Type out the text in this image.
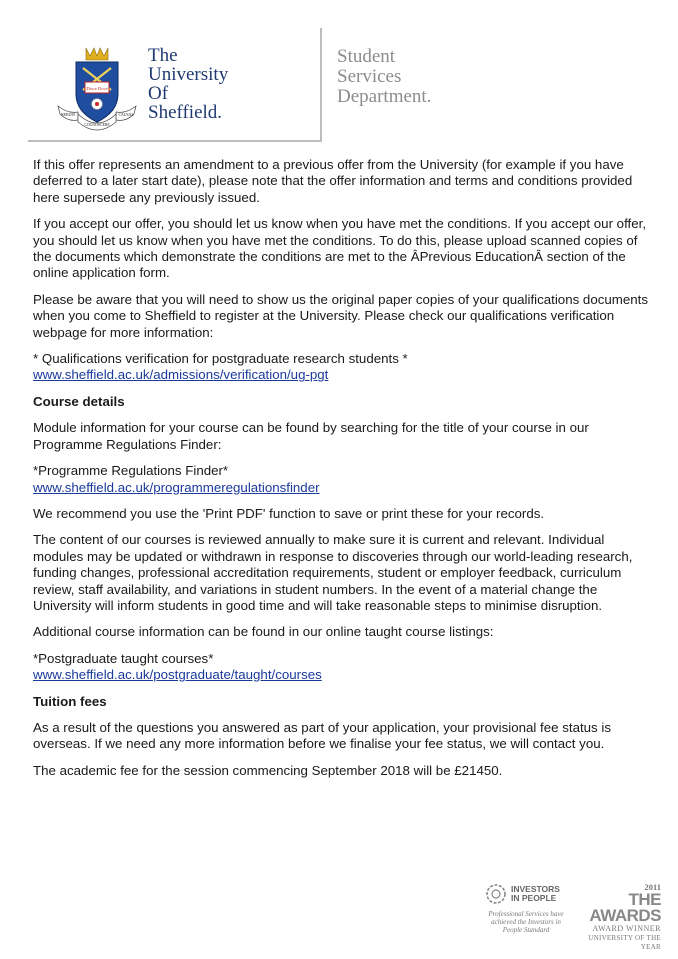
Disce Doce
RERUM
COGNOSCERE
CAUSAS
The
University
Of
Sheffield.
Student
Services
Department.

If this offer represents an amendment to a previous offer from the University (for example if you have deferred to a later start date), please note that the offer information and terms and conditions provided here supersede any previously issued.

If you accept our offer, you should let us know when you have met the conditions. If you accept our offer, you should let us know when you have met the conditions. To do this, please upload scanned copies of the documents which demonstrate the conditions are met to the ÂPrevious EducationÂ section of the online application form.

Please be aware that you will need to show us the original paper copies of your qualifications documents when you come to Sheffield to register at the University. Please check our qualifications verification webpage for more information:

* Qualifications verification for postgraduate research students *
www.sheffield.ac.uk/admissions/verification/ug-pgt

Course details

Module information for your course can be found by searching for the title of your course in our Programme Regulations Finder:

*Programme Regulations Finder*
www.sheffield.ac.uk/programmeregulationsfinder

We recommend you use the 'Print PDF' function to save or print these for your records.

The content of our courses is reviewed annually to make sure it is current and relevant. Individual modules may be updated or withdrawn in response to discoveries through our world-leading research, funding changes, professional accreditation requirements, student or employer feedback, curriculum review, staff availability, and variations in student numbers. In the event of a material change the University will inform students in good time and will take reasonable steps to minimise disruption.

Additional course information can be found in our online taught course listings:

*Postgraduate taught courses*
www.sheffield.ac.uk/postgraduate/taught/courses

Tuition fees

As a result of the questions you answered as part of your application, your provisional fee status is overseas. If we need any more information before we finalise your fee status, we will contact you.

The academic fee for the session commencing September 2018 will be £21450.

INVESTORS
IN PEOPLE
Professional Services have achieved the Investors in People Standard
2011
THE AWARDS
AWARD WINNER
UNIVERSITY OF THE YEAR
